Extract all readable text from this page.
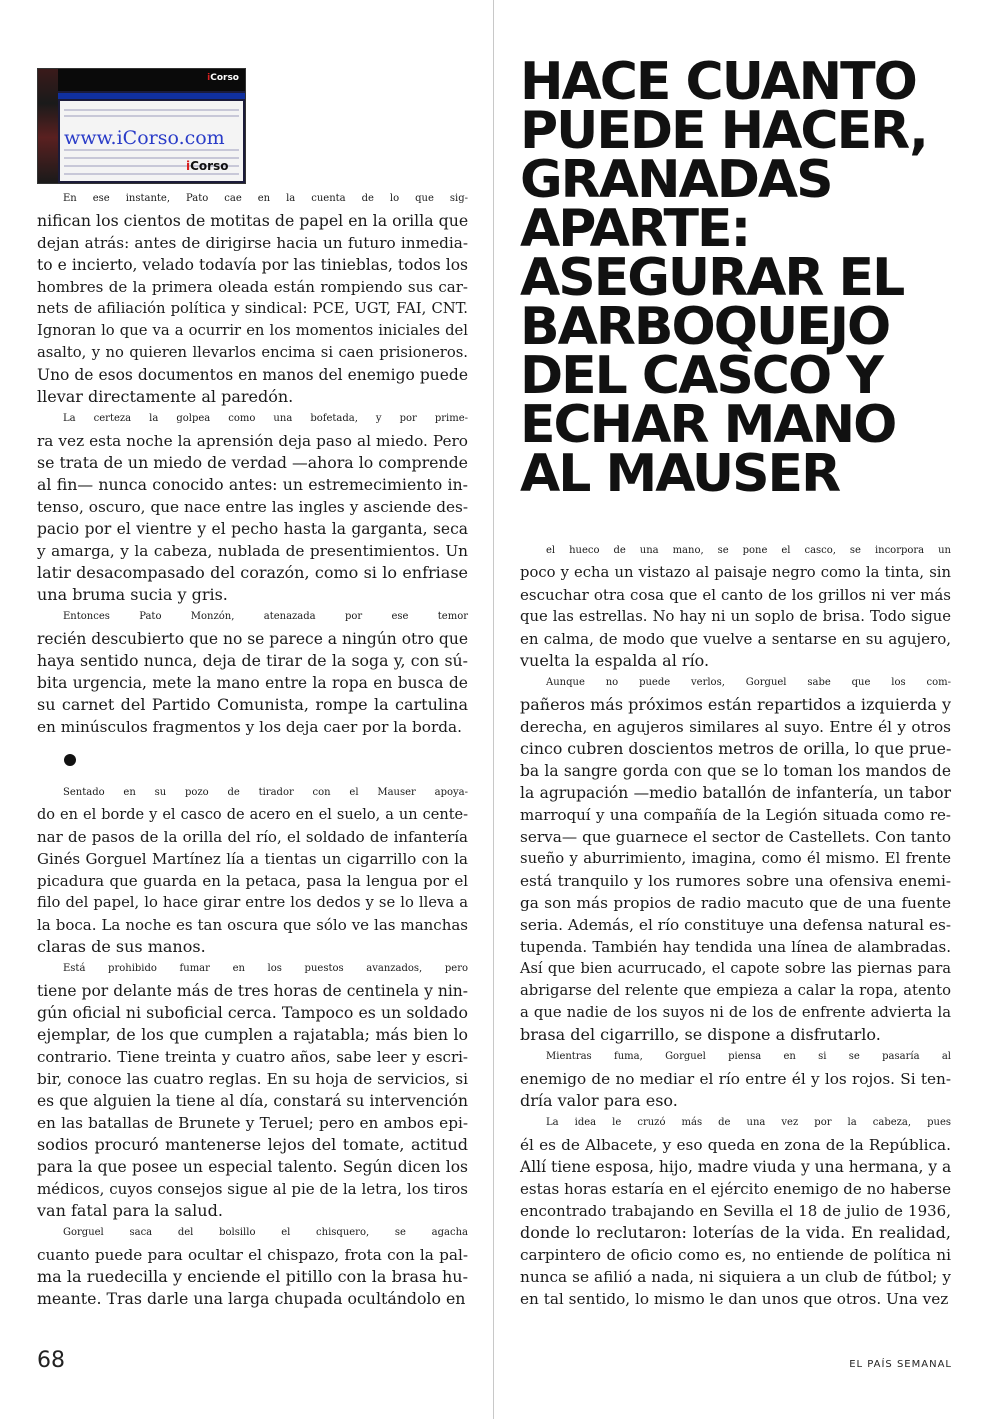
iCorso
www.iCorso.com
iCorso

En ese instante, Pato cae en la cuenta de lo que sig-
nifican los cientos de motitas de papel en la orilla que
dejan atrás: antes de dirigirse hacia un futuro inmedia-
to e incierto, velado todavía por las tinieblas, todos los
hombres de la primera oleada están rompiendo sus car-
nets de afiliación política y sindical: PCE, UGT, FAI, CNT.
Ignoran lo que va a ocurrir en los momentos iniciales del
asalto, y no quieren llevarlos encima si caen prisioneros.
Uno de esos documentos en manos del enemigo puede
llevar directamente al paredón.

La certeza la golpea como una bofetada, y por prime-
ra vez esta noche la aprensión deja paso al miedo. Pero
se trata de un miedo de verdad —ahora lo comprende
al fin— nunca conocido antes: un estremecimiento in-
tenso, oscuro, que nace entre las ingles y asciende des-
pacio por el vientre y el pecho hasta la garganta, seca
y amarga, y la cabeza, nublada de presentimientos. Un
latir desacompasado del corazón, como si lo enfriase
una bruma sucia y gris.

Entonces Pato Monzón, atenazada por ese temor
recién descubierto que no se parece a ningún otro que
haya sentido nunca, deja de tirar de la soga y, con sú-
bita urgencia, mete la mano entre la ropa en busca de
su carnet del Partido Comunista, rompe la cartulina
en minúsculos fragmentos y los deja caer por la borda.

Sentado en su pozo de tirador con el Mauser apoya-
do en el borde y el casco de acero en el suelo, a un cente-
nar de pasos de la orilla del río, el soldado de infantería
Ginés Gorguel Martínez lía a tientas un cigarrillo con la
picadura que guarda en la petaca, pasa la lengua por el
filo del papel, lo hace girar entre los dedos y se lo lleva a
la boca. La noche es tan oscura que sólo ve las manchas
claras de sus manos.

Está prohibido fumar en los puestos avanzados, pero
tiene por delante más de tres horas de centinela y nin-
gún oficial ni suboficial cerca. Tampoco es un soldado
ejemplar, de los que cumplen a rajatabla; más bien lo
contrario. Tiene treinta y cuatro años, sabe leer y escri-
bir, conoce las cuatro reglas. En su hoja de servicios, si
es que alguien la tiene al día, constará su intervención
en las batallas de Brunete y Teruel; pero en ambos epi-
sodios procuró mantenerse lejos del tomate, actitud
para la que posee un especial talento. Según dicen los
médicos, cuyos consejos sigue al pie de la letra, los tiros
van fatal para la salud.

Gorguel saca del bolsillo el chisquero, se agacha
cuanto puede para ocultar el chispazo, frota con la pal-
ma la ruedecilla y enciende el pitillo con la brasa hu-
meante. Tras darle una larga chupada ocultándolo en

HACE CUANTO
PUEDE HACER,
GRANADAS
APARTE:
ASEGURAR EL
BARBOQUEJO
DEL CASCO Y
ECHAR MANO
AL MAUSER

el hueco de una mano, se pone el casco, se incorpora un
poco y echa un vistazo al paisaje negro como la tinta, sin
escuchar otra cosa que el canto de los grillos ni ver más
que las estrellas. No hay ni un soplo de brisa. Todo sigue
en calma, de modo que vuelve a sentarse en su agujero,
vuelta la espalda al río.

Aunque no puede verlos, Gorguel sabe que los com-
pañeros más próximos están repartidos a izquierda y
derecha, en agujeros similares al suyo. Entre él y otros
cinco cubren doscientos metros de orilla, lo que prue-
ba la sangre gorda con que se lo toman los mandos de
la agrupación —medio batallón de infantería, un tabor
marroquí y una compañía de la Legión situada como re-
serva— que guarnece el sector de Castellets. Con tanto
sueño y aburrimiento, imagina, como él mismo. El frente
está tranquilo y los rumores sobre una ofensiva enemi-
ga son más propios de radio macuto que de una fuente
seria. Además, el río constituye una defensa natural es-
tupenda. También hay tendida una línea de alambradas.
Así que bien acurrucado, el capote sobre las piernas para
abrigarse del relente que empieza a calar la ropa, atento
a que nadie de los suyos ni de los de enfrente advierta la
brasa del cigarrillo, se dispone a disfrutarlo.

Mientras fuma, Gorguel piensa en si se pasaría al
enemigo de no mediar el río entre él y los rojos. Si ten-
dría valor para eso.

La idea le cruzó más de una vez por la cabeza, pues
él es de Albacete, y eso queda en zona de la República.
Allí tiene esposa, hijo, madre viuda y una hermana, y a
estas horas estaría en el ejército enemigo de no haberse
encontrado trabajando en Sevilla el 18 de julio de 1936,
donde lo reclutaron: loterías de la vida. En realidad,
carpintero de oficio como es, no entiende de política ni
nunca se afilió a nada, ni siquiera a un club de fútbol; y
en tal sentido, lo mismo le dan unos que otros. Una vez

68	EL PAÍS SEMANAL
